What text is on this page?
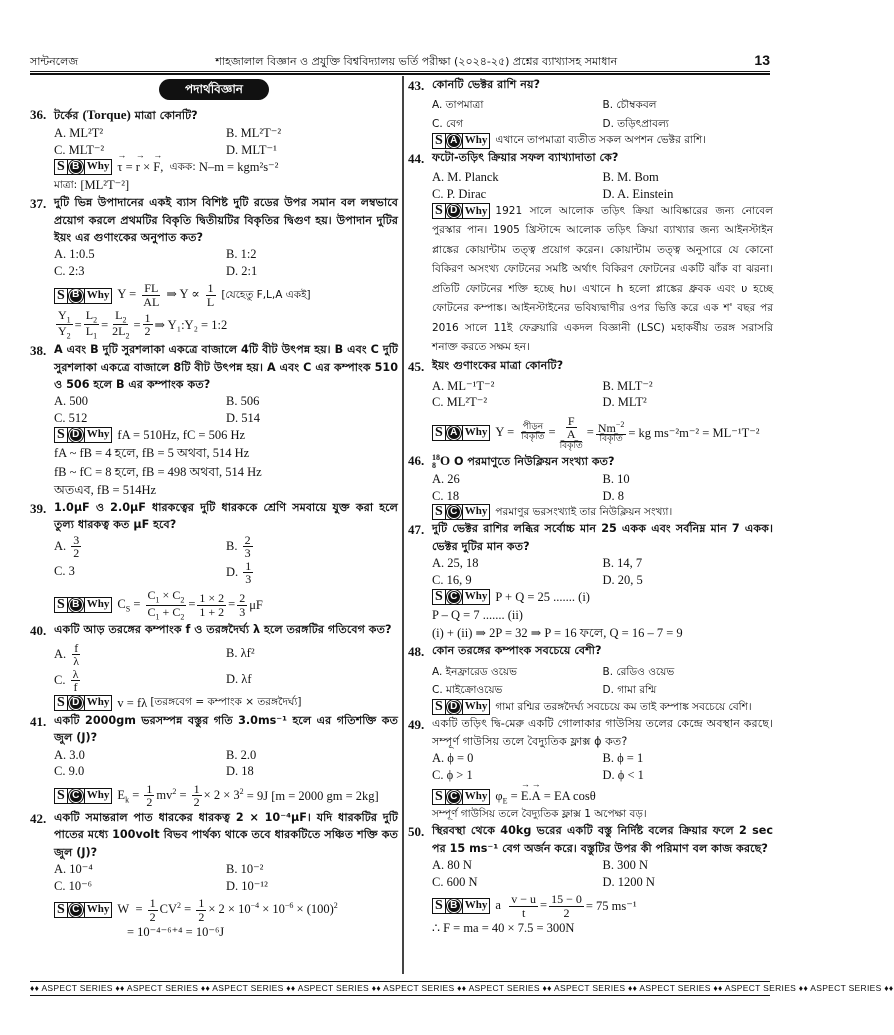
সান্টনলেজ	শাহজালাল বিজ্ঞান ও প্রযুক্তি বিশ্ববিদ্যালয় ভর্তি পরীক্ষা (২০২৪-২৫) প্রশ্নের ব্যাখ্যাসহ সমাধান	13
পদার্থবিজ্ঞান
36. টর্কের (Torque) মাত্রা কোনটি?
A. ML²T²	B. ML²T⁻²
C. MLT⁻²	D. MLT⁻¹
S B Why → τ = → r × → F, একক:
N–m = kgm²s⁻²
মাত্রা:
[ML²T⁻²]
37. দুটি ভিন্ন উপাদানের একই ব্যাস বিশিষ্ট দুটি রডের উপর সমান বল লম্বভাবে প্রয়োগ করলে প্রথমটির বিকৃতি দ্বিতীয়টির বিকৃতির দ্বিগুণ হয়। উপাদান দুটির ইয়ং এর গুণাংকের অনুপাত কত?
A. 1:0.5	B. 1:2
C. 2:3	D. 2:1
S B Why $Y = \frac{FL}{AL}$ ⇒ $Y \propto \frac{1}{L}$
[যেহেতু F,L,A একই]
$\frac{Y_1}{Y_2} = \frac{L_2}{L_1} = \frac{L_2}{2L_2} = \frac{1}{2}$ ⇒ Y₁:Y₂ = 1:2
38. A এবং B দুটি সুরশলাকা একত্রে বাজালে 4টি বীট উৎপন্ন হয়। B এবং C দুটি সুরশলাকা একত্রে বাজালে 8টি বীট উৎপন্ন হয়। A এবং C এর কম্পাংক 510 ও 506 হলে B এর কম্পাংক কত?
A. 500	B. 506
C. 512	D. 514
S D Why fA = 510Hz, fC = 506 Hz
fA ~ fB = 4 হলে, fB = 5 অথবা, 514 Hz
fB ~ fC = 8 হলে, fB = 498 অথবা, 514 Hz
অতএব, fB = 514Hz
39. 1.0μF ও 2.0μF ধারকত্বের দুটি ধারককে শ্রেণি সমবায়ে যুক্ত করা হলে তুল্য ধারকত্ব কত μF হবে?
A. $\frac{3}{2}$	B. $\frac{2}{3}$
C. 3	D. $\frac{1}{3}$
S B Why $C_S = \frac{C_1 \times C_2}{C_1 + C_2} = \frac{1 \times 2}{1 + 2} = \frac{2}{3}$ μF
40. একটি আড় তরঙ্গের কম্পাংক f ও তরঙ্গদৈর্ঘ্য λ হলে তরঙ্গটির গতিবেগ কত?
A. $\frac{f}{\lambda}$	B. λf²
C. $\frac{\lambda}{f}$	D. λf
S D Why v = fλ
[তরঙ্গবেগ = কম্পাংক × তরঙ্গদৈর্ঘ্য]
41. একটি 2000gm ভরসম্পন্ন বস্তুর গতি 3.0ms⁻¹ হলে এর গতিশক্তি কত জুল (J)?
A. 3.0	B. 2.0
C. 9.0	D. 18
S C Why $E_k = \frac{1}{2} mv^2 = \frac{1}{2} \times 2 \times 3^2 = 9J$ [m = 2000 gm = 2kg]
42. একটি সমান্তরাল পাত ধারকের ধারকত্ব 2 × 10⁻⁴μF। যদি ধারকটির দুটি পাতের মধ্যে 100volt বিভব পার্থক্য থাকে তবে ধারকটিতে সঞ্চিত শক্তি কত জুল (J)?
A. 10⁻⁴	B. 10⁻²
C. 10⁻⁶	D. 10⁻¹²
S C Why $W = \frac{1}{2} CV^2 = \frac{1}{2} \times 2 \times 10^{-4} \times 10^{-6} \times (100)^2$
= 10⁻⁴⁻⁶⁺⁴ = 10⁻⁶J
43. কোনটি ভেক্টর রাশি নয়?
A. তাপমাত্রা	B. চৌম্বকবল
C. বেগ	D. তড়িৎপ্রাবল্য
S A Why এখানে তাপমাত্রা ব্যতীত সকল অপশন ভেক্টর রাশি।
44. ফটো-তড়িৎ ক্রিয়ার সফল ব্যাখ্যাদাতা কে?
A. M. Planck	B. M. Bom
C. P. Dirac	D. A. Einstein
S D Why 1921 সালে আলোক তড়িৎ ক্রিয়া আবিষ্কারের জন্য নোবেল পুরস্কার পান। 1905 খ্রিস্টাব্দে আলোক তড়িৎ ক্রিয়া ব্যাখ্যার জন্য আইনস্টাইন প্লাঙ্কের কোয়ান্টাম তত্ত্ব প্রয়োগ করেন। কোয়ান্টাম তত্ত্ব অনুসারে যে কোনো বিকিরণ অসংখ্য ফোটনের সমষ্টি অর্থাৎ বিকিরণ ফোটনের একটি ঝাঁক বা ঝরনা। প্রতিটি ফোটনের শক্তি হচ্ছে hυ। এখানে h হলো প্লাঙ্কের ধ্রুবক এবং υ হচ্ছে ফোটনের কম্পাঙ্ক। আইনস্টাইনের ভবিষ্যদ্বাণীর ওপর ভিত্তি করে এক শ' বছর পর 2016 সালে 11ই ফেব্রুয়ারি একদল বিজ্ঞানী (LSC) মহাকর্ষীয় তরঙ্গ সরাসরি শনাক্ত করতে সক্ষম হন।
45. ইয়ং গুণাংকের মাত্রা কোনটি?
A. ML⁻¹T⁻²	B. MLT⁻²
C. ML²T⁻²	D. MLT²
S A Why $Y = \frac{\text{পীড়ন}}{\text{বিকৃতি}} = \frac{\frac{F}{A}}{\text{বিকৃতি}} = \frac{Nm^{-2}}{\text{বিকৃতি}}$ = kg ms⁻²m⁻² = ML⁻¹T⁻²
46. 18
8 O O পরমাণুতে নিউক্লিয়ন সংখ্যা কত?
A. 26	B. 10
C. 18	D. 8
S C Why পরমাণুর ভরসংখ্যাই তার নিউক্লিয়ন সংখ্যা।
47. দুটি ভেক্টর রাশির লব্ধির সর্বোচ্চ মান 25 একক এবং সর্বনিম্ন মান 7 একক। ভেক্টর দুটির মান কত?
A. 25, 18	B. 14, 7
C. 16, 9	D. 20, 5
S C Why P + Q = 25 ....... (i)
P – Q = 7 ....... (ii)
(i) + (ii) ⇒ 2P = 32 ⇒ P = 16 ফলে, Q = 16 – 7 = 9
48. কোন তরঙ্গের কম্পাংক সবচেয়ে বেশী?
A. ইনফ্রারেড ওয়েভ	B. রেডিও ওয়েভ
C. মাইক্রোওয়েভ	D. গামা রশ্মি
S D Why গামা রশ্মির তরঙ্গদৈর্ঘ্য সবচেয়ে কম তাই কম্পাঙ্ক সবচেয়ে বেশি।
49. একটি তড়িৎ দ্বি-মেরু একটি গোলাকার গাউসিয় তলের কেন্দ্রে অবস্থান করছে। সম্পূর্ণ গাউসিয় তলে বৈদ্যুতিক ফ্লাক্স ϕ কত?
A. ϕ = 0	B. ϕ = 1
C. ϕ > 1	D. ϕ < 1
S C Why $\varphi_E$ = → E.→ A = EA cosθ
সম্পূর্ণ গাউসিয় তলে বৈদ্যুতিক ফ্লাক্স 1 অপেক্ষা বড়।
50. স্থিরবস্থা থেকে 40kg ভরের একটি বস্তু নির্দিষ্ট বলের ক্রিয়ার ফলে 2 sec পর 15 ms⁻¹ বেগ অর্জন করে। বস্তুটির উপর কী পরিমাণ বল কাজ করছে?
A. 80 N	B. 300 N
C. 600 N	D. 1200 N
S B Why a $\frac{v - u}{t} = \frac{15 - 0}{2} = 75$ ms⁻¹
∴ F = ma = 40 × 7.5 = 300N
♦♦ ASPECT SERIES ♦♦ ASPECT SERIES ♦♦ ASPECT SERIES ♦♦ ASPECT SERIES ♦♦ ASPECT SERIES ♦♦ ASPECT SERIES ♦♦ ASPECT SERIES ♦♦ ASPECT SERIES ♦♦ ASPECT SERIES ♦♦ ASPECT SERIES ♦♦
